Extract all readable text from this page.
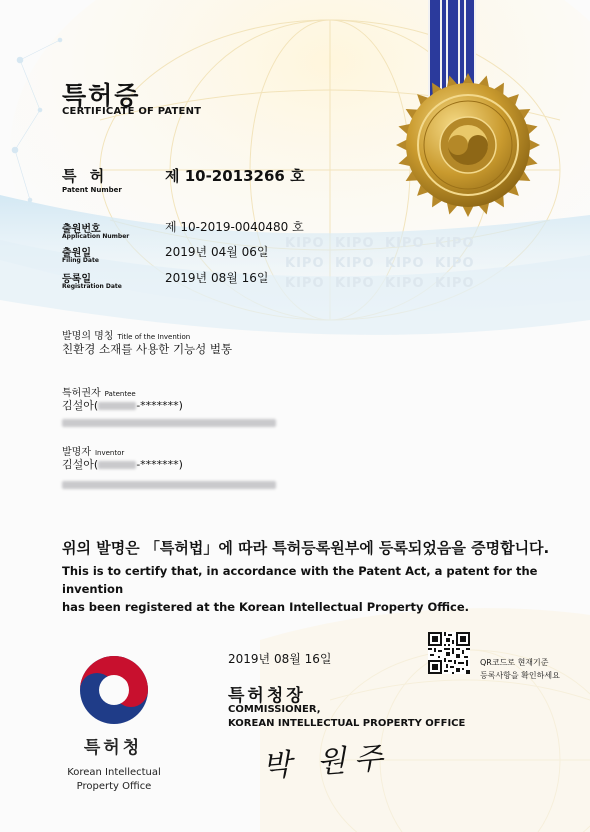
KIPO KIPO KIPO KIPO
KIPO KIPO KIPO KIPO
KIPO KIPO KIPO KIPO
특허증
CERTIFICATE OF PATENT
특 허
Patent Number
제 10-2013266 호
출원번호
Application Number
제 10-2019-0040480 호
출원일
Filing Date
2019년 04월 06일
등록일
Registration Date
2019년 08월 16일
발명의 명칭 Title of the Invention
친환경 소재를 사용한 기능성 벌통
특허권자 Patentee
김설아(	-*******)
발명자 Inventor
김설아(	-*******)
위의 발명은 「특허법」에 따라 특허등록원부에 등록되었음을 증명합니다.
This is to certify that, in accordance with the Patent Act, a patent for the invention
has been registered at the Korean Intellectual Property Office.
2019년 08월 16일	QR코드로 현재기준
등록사항을 확인하세요
특허청장
COMMISSIONER,
KOREAN INTELLECTUAL PROPERTY OFFICE
박 원주
특허청
Korean Intellectual
Property Office
